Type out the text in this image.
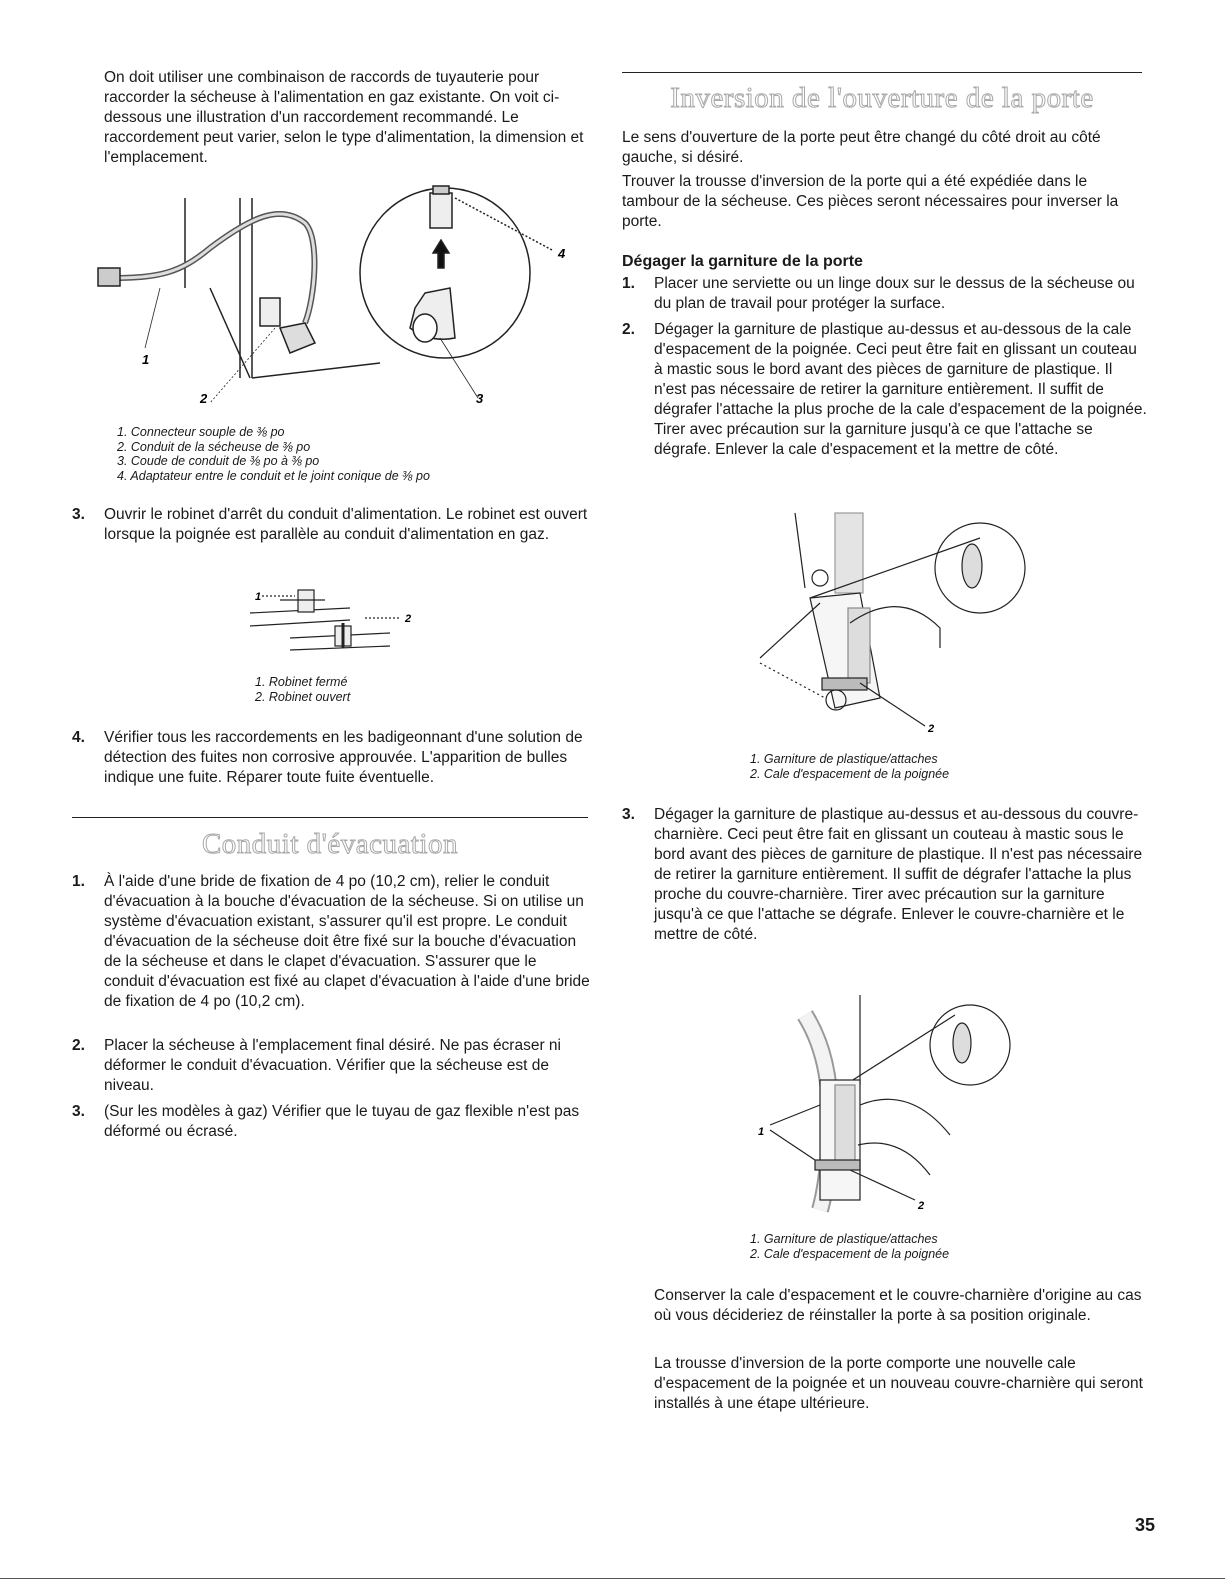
On doit utiliser une combinaison de raccords de tuyauterie pour raccorder la sécheuse à l'alimentation en gaz existante. On voit ci-dessous une illustration d'un raccordement recommandé. Le raccordement peut varier, selon le type d'alimentation, la dimension et l'emplacement.

1
2	3
4
1. Connecteur souple de ⅜ po
2. Conduit de la sécheuse de ⅜ po
3. Coude de conduit de ⅜ po à ⅜ po
4. Adaptateur entre le conduit et le joint conique de ⅜ po
3.	Ouvrir le robinet d'arrêt du conduit d'alimentation. Le robinet est ouvert lorsque la poignée est parallèle au conduit d'alimentation en gaz.
1
2
1. Robinet fermé
2. Robinet ouvert
4.	Vérifier tous les raccordements en les badigeonnant d'une solution de détection des fuites non corrosive approuvée. L'apparition de bulles indique une fuite. Réparer toute fuite éventuelle.
Conduit d'évacuation
1.	À l'aide d'une bride de fixation de 4 po (10,2 cm), relier le conduit d'évacuation à la bouche d'évacuation de la sécheuse. Si on utilise un système d'évacuation existant, s'assurer qu'il est propre. Le conduit d'évacuation de la sécheuse doit être fixé sur la bouche d'évacuation de la sécheuse et dans le clapet d'évacuation. S'assurer que le conduit d'évacuation est fixé au clapet d'évacuation à l'aide d'une bride de fixation de 4 po (10,2 cm).
2.	Placer la sécheuse à l'emplacement final désiré. Ne pas écraser ni déformer le conduit d'évacuation. Vérifier que la sécheuse est de niveau.
3.	(Sur les modèles à gaz) Vérifier que le tuyau de gaz flexible n'est pas déformé ou écrasé.
Inversion de l'ouverture de la porte

Le sens d'ouverture de la porte peut être changé du côté droit au côté gauche, si désiré.

Trouver la trousse d'inversion de la porte qui a été expédiée dans le tambour de la sécheuse. Ces pièces seront nécessaires pour inverser la porte.

Dégager la garniture de la porte
1.	Placer une serviette ou un linge doux sur le dessus de la sécheuse ou du plan de travail pour protéger la surface.
2.	Dégager la garniture de plastique au-dessus et au-dessous de la cale d'espacement de la poignée. Ceci peut être fait en glissant un couteau à mastic sous le bord avant des pièces de garniture de plastique. Il n'est pas nécessaire de retirer la garniture entièrement. Il suffit de dégrafer l'attache la plus proche de la cale d'espacement de la poignée. Tirer avec précaution sur la garniture jusqu'à ce que l'attache se dégrafe. Enlever la cale d'espacement et la mettre de côté.
2
1. Garniture de plastique/attaches
2. Cale d'espacement de la poignée
3.	Dégager la garniture de plastique au-dessus et au-dessous du couvre-charnière. Ceci peut être fait en glissant un couteau à mastic sous le bord avant des pièces de garniture de plastique. Il n'est pas nécessaire de retirer la garniture entièrement. Il suffit de dégrafer l'attache la plus proche du couvre-charnière. Tirer avec précaution sur la garniture jusqu'à ce que l'attache se dégrafe. Enlever le couvre-charnière et le mettre de côté.
1
2
1. Garniture de plastique/attaches
2. Cale d'espacement de la poignée

Conserver la cale d'espacement et le couvre-charnière d'origine au cas où vous décideriez de réinstaller la porte à sa position originale.

La trousse d'inversion de la porte comporte une nouvelle cale d'espacement de la poignée et un nouveau couvre-charnière qui seront installés à une étape ultérieure.

35
